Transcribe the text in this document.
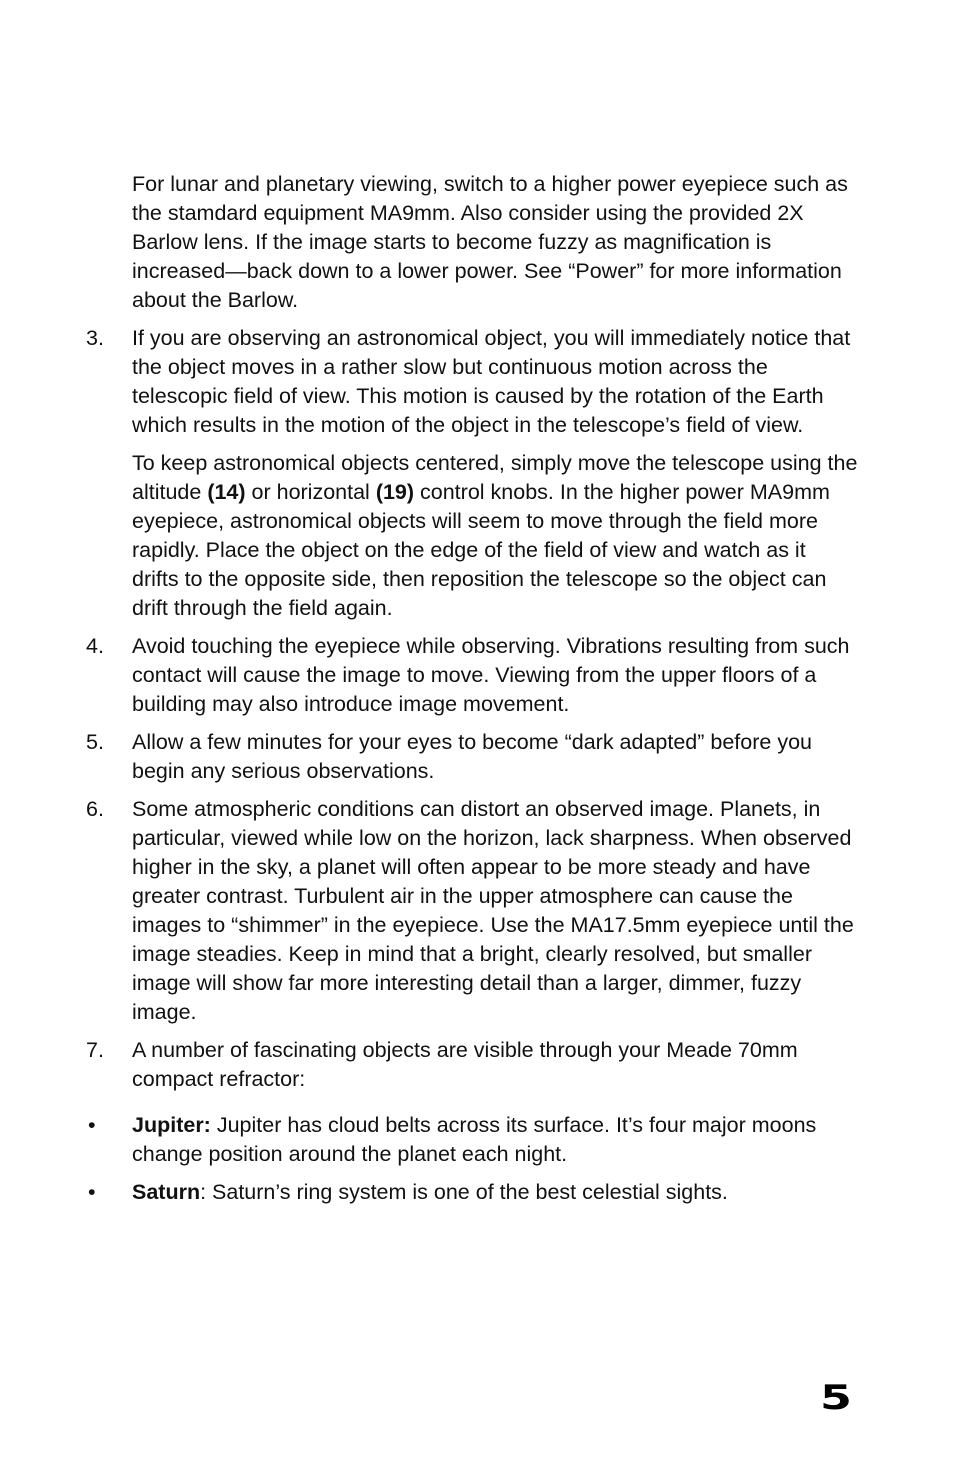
For lunar and planetary viewing, switch to a higher power eyepiece such as the stamdard equipment MA9mm. Also consider using the provided 2X Barlow lens. If the image starts to become fuzzy as magnification is increased—back down to a lower power. See “Power” for more information about the Barlow.

3.	If you are observing an astronomical object, you will immediately notice that the object moves in a rather slow but continuous motion across the telescopic field of view. This motion is caused by the rotation of the Earth which results in the motion of the object in the telescope’s field of view.

To keep astronomical objects centered, simply move the telescope using the altitude (14) or horizontal (19) control knobs. In the higher power MA9mm eyepiece, astronomical objects will seem to move through the field more rapidly. Place the object on the edge of the field of view and watch as it drifts to the opposite side, then reposition the telescope so the object can drift through the field again.

4.	Avoid touching the eyepiece while observing. Vibrations resulting from such contact will cause the image to move. Viewing from the upper floors of a building may also introduce image movement.
5.	Allow a few minutes for your eyes to become “dark adapted” before you begin any serious observations.
6.	Some atmospheric conditions can distort an observed image. Planets, in particular, viewed while low on the horizon, lack sharpness. When observed higher in the sky, a planet will often appear to be more steady and have greater contrast. Turbulent air in the upper atmosphere can cause the images to “shimmer” in the eyepiece. Use the MA17.5mm eyepiece until the image steadies. Keep in mind that a bright, clearly resolved, but smaller image will show far more interesting detail than a larger, dimmer, fuzzy image.
7.	A number of fascinating objects are visible through your Meade 70mm compact refractor:
•	Jupiter: Jupiter has cloud belts across its surface. It’s four major moons change position around the planet each night.
•	Saturn: Saturn’s ring system is one of the best celestial sights.
5
